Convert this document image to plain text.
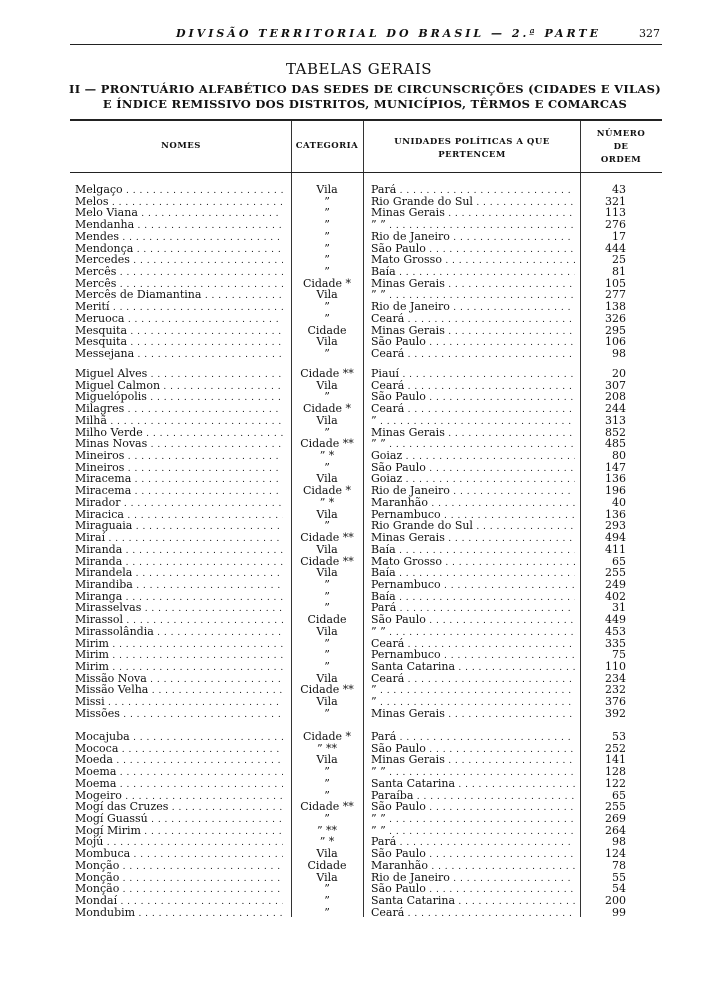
DIVISÃO TERRITORIAL DO BRASIL — 2.ª PARTE	327
TABELAS GERAIS
II — PRONTUÁRIO ALFABÉTICO DAS SEDES DE CIRCUNSCRIÇÕES (CIDADES E VILAS)
E ÍNDICE REMISSIVO DOS DISTRITOS, MUNICÍPIOS, TÊRMOS E COMARCAS
NOMES	CATEGORIA	UNIDADES POLÍTICAS A QUE
PERTENCEM
NÚMERO
DE
ORDEM
Melgaço . . .	Vila	Pará . . .	43
Melos . . .	”	Rio Grande do Sul . . .	321
Melo Viana . . .	”	Minas Gerais . . .	113
Mendanha . . .	”	” ” . . .	276
Mendes . . .	”	Rio de Janeiro . . .	17
Mendonça . . .	”	São Paulo . . .	444
Mercedes . . .	”	Mato Grosso . . .	25
Mercês . . .	”	Baía . . .	81
Mercês . . .	Cidade *	Minas Gerais . . .	105
Mercês de Diamantina . . .	Vila	” ” . . .	277
Merití . . .	”	Rio de Janeiro . . .	138
Meruoca . . .	”	Ceará . . .	326
Mesquita . . .	Cidade	Minas Gerais . . .	295
Mesquita . . .	Vila	São Paulo . . .	106
Messejana . . .	”	Ceará . . .	98
Miguel Alves . . .	Cidade **	Piauí . . .	20
Miguel Calmon . . .	Vila	Ceará . . .	307
Miguelópolis . . .	”	São Paulo . . .	208
Milagres . . .	Cidade *	Ceará . . .	244
Milhã . . .	Vila	” . . .	313
Milho Verde . . .	”	Minas Gerais . . .	852
Minas Novas . . .	Cidade **	” ” . . .	485
Mineiros . . .	” *	Goiaz . . .	80
Mineiros . . .	”	São Paulo . . .	147
Miracema . . .	Vila	Goiaz . . .	136
Miracema . . .	Cidade *	Rio de Janeiro . . .	196
Mirador . . .	” *	Maranhão . . .	40
Miracica . . .	Vila	Pernambuco . . .	136
Miraguaia . . .	”	Rio Grande do Sul . . .	293
Miraí . . .	Cidade **	Minas Gerais . . .	494
Miranda . . .	Vila	Baía . . .	411
Miranda . . .	Cidade **	Mato Grosso . . .	65
Mirandela . . .	Vila	Baía . . .	255
Mirandiba . . .	”	Pernambuco . . .	249
Miranga . . .	”	Baía . . .	402
Mirasselvas . . .	”	Pará . . .	31
Mirassol . . .	Cidade	São Paulo . . .	449
Mirassolândia . . .	Vila	” ” . . .	453
Mirim . . .	”	Ceará . . .	335
Mirim . . .	”	Pernambuco . . .	75
Mirim . . .	”	Santa Catarina . . .	110
Missão Nova . . .	Vila	Ceará . . .	234
Missão Velha . . .	Cidade **	” . . .	232
Missi . . .	Vila	” . . .	376
Missões . . .	”	Minas Gerais . . .	392
Mocajuba . . .	Cidade *	Pará . . .	53
Mococa . . .	” **	São Paulo . . .	252
Moeda . . .	Vila	Minas Gerais . . .	141
Moema . . .	”	” ” . . .	128
Moema . . .	”	Santa Catarina . . .	122
Mogeiro . . .	”	Paraíba . . .	65
Mogí das Cruzes . . .	Cidade **	São Paulo . . .	255
Mogí Guassú . . .	”	” ” . . .	269
Mogí Mirim . . .	” **	” ” . . .	264
Mojú . . .	” *	Pará . . .	98
Mombuca . . .	Vila	São Paulo . . .	124
Monção . . .	Cidade	Maranhão . . .	78
Monção . . .	Vila	Rio de Janeiro . . .	55
Monção . . .	”	São Paulo . . .	54
Mondaí . . .	”	Santa Catarina . . .	200
Mondubim . . .	”	Ceará . . .	99
